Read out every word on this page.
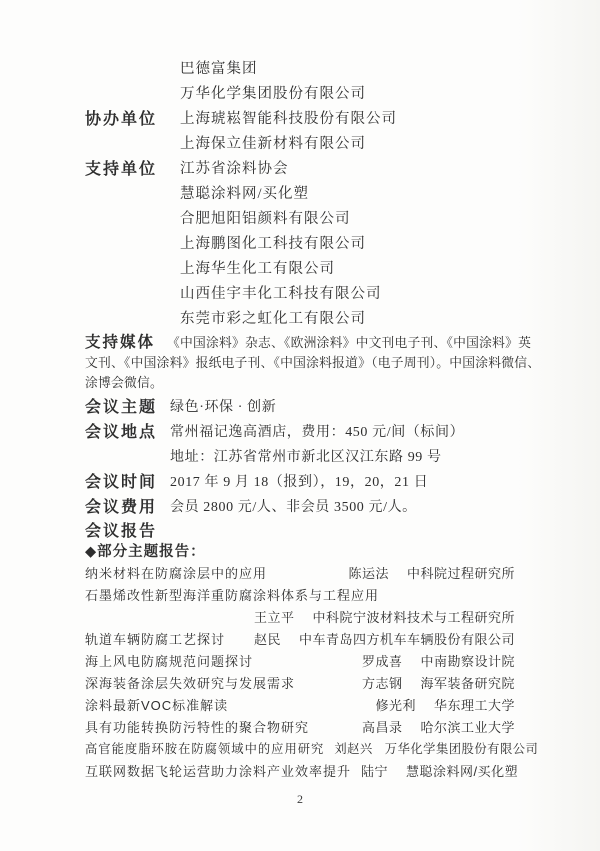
巴德富集团
万华化学集团股份有限公司
协办单位	上海琥崧智能科技股份有限公司
上海保立佳新材料有限公司
支持单位	江苏省涂料协会
慧聪涂料网/买化塑
合肥旭阳铝颜料有限公司
上海鹏图化工科技有限公司
上海华生化工有限公司
山西佳宇丰化工科技有限公司
东莞市彩之虹化工有限公司
支持媒体 《中国涂料》杂志、《欧洲涂料》中文刊电子刊、《中国涂料》英
文刊、《中国涂料》报纸电子刊、《中国涂料报道》（电子周刊）。中国涂料微信、
涂博会微信。
会议主题 绿色·环保 · 创新
会议地点 常州福记逸高酒店，费用：450 元/间（标间）
地址：江苏省常州市新北区汉江东路 99 号
会议时间 2017 年 9 月 18（报到），19，20，21 日
会议费用 会员 2800 元/人、非会员 3500 元/人。
会议报告
◆部分主题报告：
纳米材料在防腐涂层中的应用	陈运法 中科院过程研究所
石墨烯改性新型海洋重防腐涂料体系与工程应用
王立平 中科院宁波材料技术与工程研究所
轨道车辆防腐工艺探讨 赵民 中车青岛四方机车车辆股份有限公司
海上风电防腐规范问题探讨	罗成喜 中南勘察设计院
深海装备涂层失效研究与发展需求	方志钢 海军装备研究院
涂料最新VOC标准解读	修光利 华东理工大学
具有功能转换防污特性的聚合物研究	高昌录 哈尔滨工业大学
高官能度脂环胺在防腐领域中的应用研究 刘赵兴 万华化学集团股份有限公司
互联网数据飞轮运营助力涂料产业效率提升 陆宁 慧聪涂料网/买化塑
2
